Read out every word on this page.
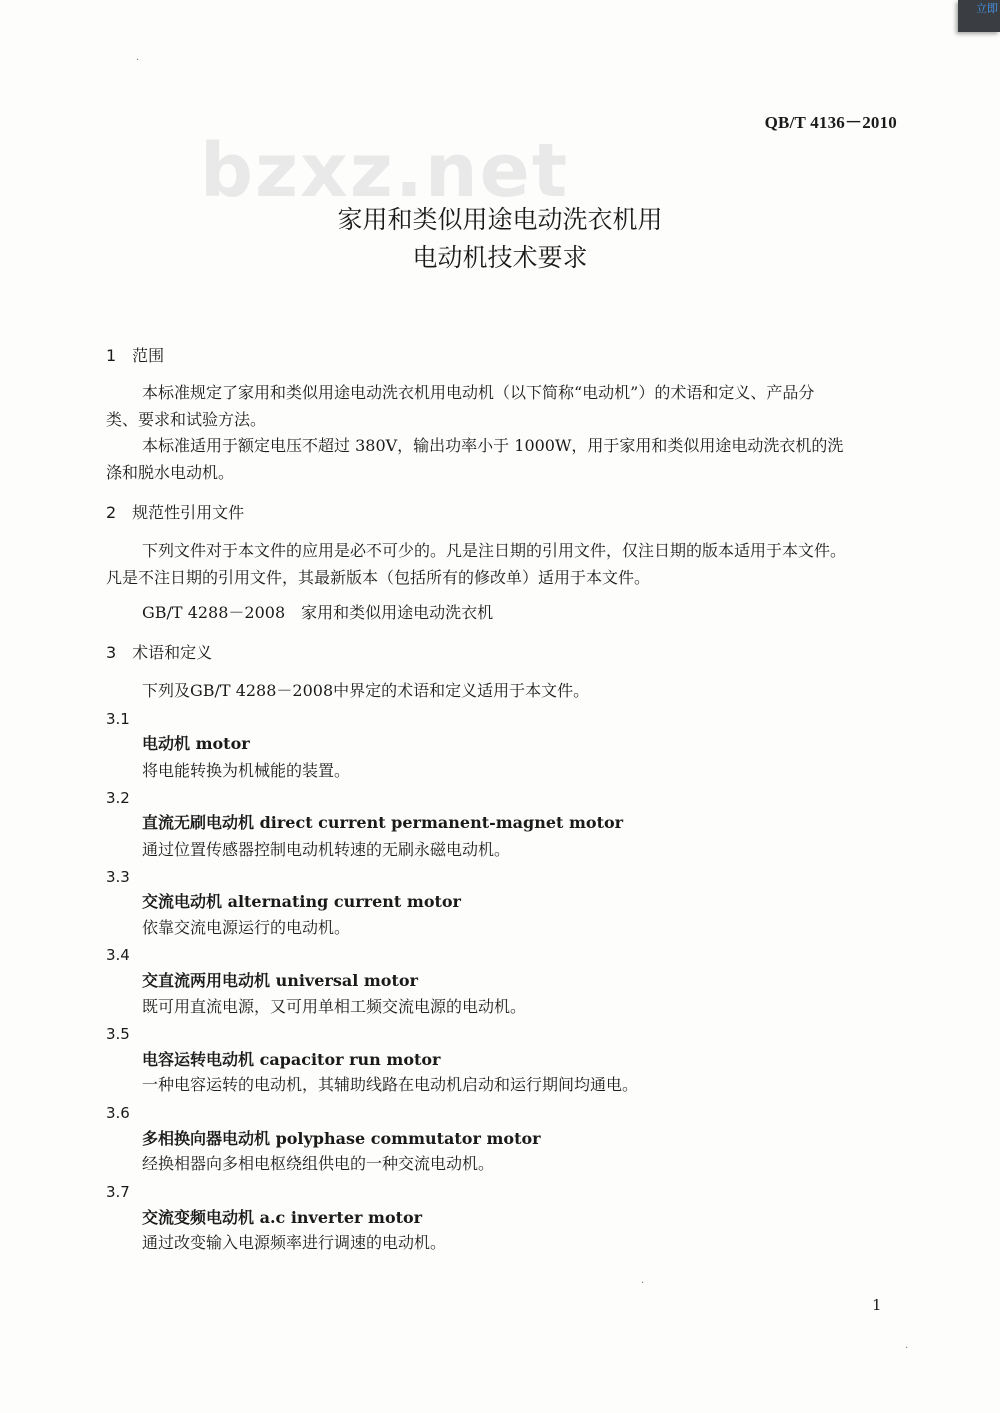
立即
bzxz.net
QB/T 4136－2010
家用和类似用途电动洗衣机用
电动机技术要求
1　范围
本标准规定了家用和类似用途电动洗衣机用电动机（以下简称“电动机”）的术语和定义、产品分
类、要求和试验方法。
本标准适用于额定电压不超过 380V，输出功率小于 1000W，用于家用和类似用途电动洗衣机的洗
涤和脱水电动机。
2　规范性引用文件
下列文件对于本文件的应用是必不可少的。凡是注日期的引用文件，仅注日期的版本适用于本文件。
凡是不注日期的引用文件，其最新版本（包括所有的修改单）适用于本文件。
GB/T 4288－2008　家用和类似用途电动洗衣机
3　术语和定义
下列及GB/T 4288－2008中界定的术语和定义适用于本文件。
3.1
电动机 motor
将电能转换为机械能的装置。
3.2
直流无刷电动机 direct current permanent-magnet motor
通过位置传感器控制电动机转速的无刷永磁电动机。
3.3
交流电动机 alternating current motor
依靠交流电源运行的电动机。
3.4
交直流两用电动机 universal motor
既可用直流电源，又可用单相工频交流电源的电动机。
3.5
电容运转电动机 capacitor run motor
一种电容运转的电动机，其辅助线路在电动机启动和运行期间均通电。
3.6
多相换向器电动机 polyphase commutator motor
经换相器向多相电枢绕组供电的一种交流电动机。
3.7
交流变频电动机 a.c inverter motor
通过改变输入电源频率进行调速的电动机。
1
·
·
·
